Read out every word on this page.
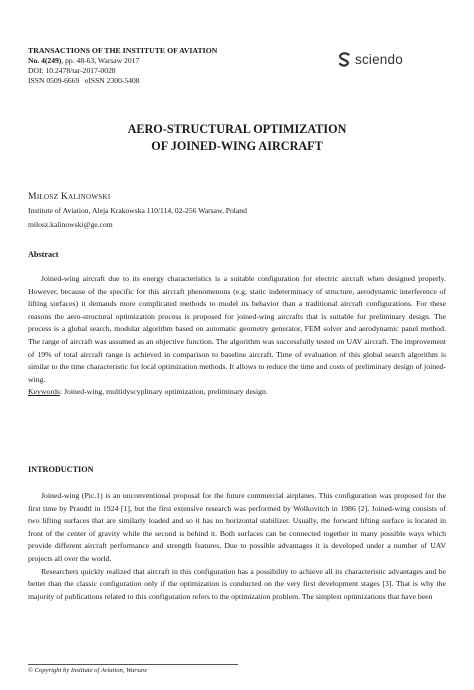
TRANSACTIONS OF THE INSTITUTE OF AVIATION
No. 4(249), pp. 48-63, Warsaw 2017
DOI: 10.2478/tar-2017-0028
ISSN 0509-6669   eISSN 2300-5408
sciendo
AERO-STRUCTURAL OPTIMIZATION
OF JOINED-WING AIRCRAFT
Miłosz Kalinowski
Institute of Aviation, Aleja Krakowska 110/114, 02-256 Warsaw, Poland
milosz.kalinowski@ge.com
Abstract

Joined-wing aircraft due to its energy characteristics is a suitable configuration for electric aircraft when designed properly. However, because of the specific for this aircraft phenomenons (e.g. static indeterminacy of structure, aerodynamic interference of lifting surfaces) it demands more complicated methods to model its behavior than a traditional aircraft configurations. For these reasons the aero-structural optimization process is proposed for joined-wing aircrafts that is suitable for preliminary design. The process is a global search, modular algorithm based on automatic geometry generator, FEM solver and aerodynamic panel method. The range of aircraft was assumed as an objective function. The algorithm was successfully tested on UAV aircraft. The improvement of 19% of total aircraft range is achieved in comparison to baseline aircraft. Time of evaluation of this global search algorithm is similar to the time characteristic for local optimization methods. It allows to reduce the time and costs of preliminary design of joined-wing.

Keywords: Joined-wing, multidyscyplinary optimization, preliminary design.
INTRODUCTION

Joined-wing (Pic.1) is an unconventional proposal for the future commercial airplanes. This configuration was proposed for the first time by Prandtl in 1924 [1], but the first extensive research was performed by Wolkovitch in 1986 [2]. Joined-wing consists of two lifting surfaces that are similarly loaded and so it has no horizontal stabilizer. Usually, the forward lifting surface is located in front of the center of gravity while the second is behind it. Both surfaces can be connected together in many possible ways which provide different aircraft performance and strength features. Due to possible advantages it is developed under a number of UAV projects all over the world.

Researchers quickly realized that aircraft in this configuration has a possibility to achieve all its characteristic advantages and be better than the classic configuration only if the optimization is conducted on the very first development stages [3]. That is why the majority of publications related to this configuration refers to the optimization problem. The simplest optimizations that have been

© Copyright by Institute of Aviation, Warsaw
